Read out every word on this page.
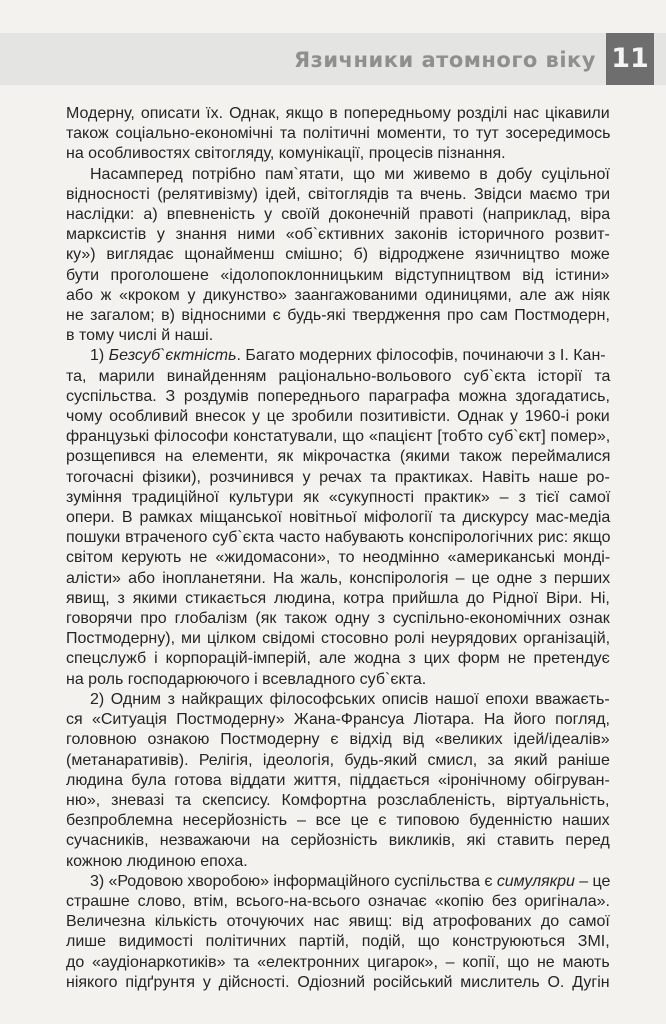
Язичники атомного віку 11

Модерну, описати їх. Однак, якщо в попередньому розділі нас цікавили
також соціально-економічні та політичні моменти, то тут зосередимось
на особливостях світогляду, комунікації, процесів пізнання.

Насамперед потрібно пам`ятати, що ми живемо в добу суцільної
відносності (релятивізму) ідей, світоглядів та вчень. Звідси маємо три
наслідки: а) впевненість у своїй доконечній правоті (наприклад, віра
марксистів у знання ними «об`єктивних законів історичного розвит-
ку») виглядає щонайменш смішно; б) відроджене язичництво може
бути проголошене «ідолопоклонницьким відступництвом від істини»
або ж «кроком у дикунство» заангажованими одиницями, але аж ніяк
не загалом; в) відносними є будь-які твердження про сам Постмодерн,
в тому числі й наші.

1) Безсуб`єктність. Багато модерних філософів, починаючи з І. Кан-
та, марили винайденням раціонально-вольового суб`єкта історії та
суспільства. З роздумів попереднього параграфа можна здогадатись,
чому особливий внесок у це зробили позитивісти. Однак у 1960-і роки
французькі філософи констатували, що «пацієнт [тобто суб`єкт] помер»,
розщепився на елементи, як мікрочастка (якими також переймалися
тогочасні фізики), розчинився у речах та практиках. Навіть наше ро-
зуміння традиційної культури як «сукупності практик» – з тієї самої
опери. В рамках міщанської новітньої міфології та дискурсу мас-медіа
пошуки втраченого суб`єкта часто набувають конспірологічних рис: якщо
світом керують не «жидомасони», то неодмінно «американські монді-
алісти» або інопланетяни. На жаль, конспірологія – це одне з перших
явищ, з якими стикається людина, котра прийшла до Рідної Віри. Ні,
говорячи про глобалізм (як також одну з суспільно-економічних ознак
Постмодерну), ми цілком свідомі стосовно ролі неурядових організацій,
спецслужб і корпорацій-імперій, але жодна з цих форм не претендує
на роль господарюючого і всевладного суб`єкта.

2) Одним з найкращих філософських описів нашої епохи вважаєть-
ся «Ситуація Постмодерну» Жана-Франсуа Ліотара. На його погляд,
головною ознакою Постмодерну є відхід від «великих ідей/ідеалів»
(метанаративів). Релігія, ідеологія, будь-який смисл, за який раніше
людина була готова віддати життя, піддається «іронічному обігруван-
ню», зневазі та скепсису. Комфортна розслабленість, віртуальність,
безпроблемна несерйозність – все це є типовою буденністю наших
сучасників, незважаючи на серйозність викликів, які ставить перед
кожною людиною епоха.

3) «Родовою хворобою» інформаційного суспільства є симулякри – це
страшне слово, втім, всього-на-всього означає «копію без оригінала».
Величезна кількість оточуючих нас явищ: від атрофованих до самої
лише видимості політичних партій, подій, що конструюються ЗМІ,
до «аудіонаркотиків» та «електронних цигарок», – копії, що не мають
ніякого підґрунтя у дійсності. Одіозний російський мислитель О. Дугін
